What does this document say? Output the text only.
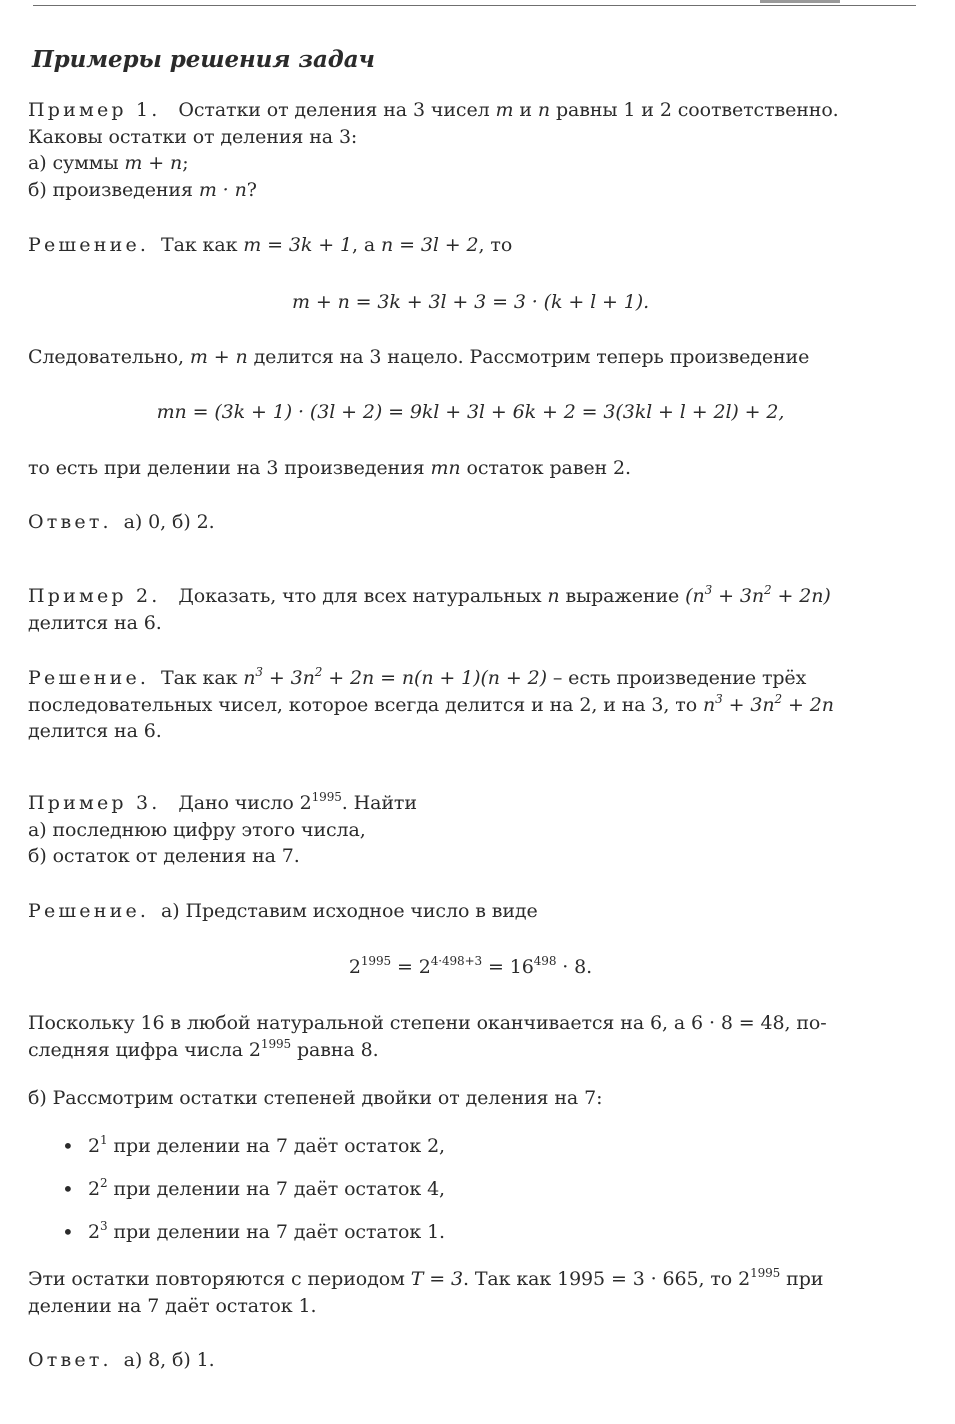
Примеры решения задач
Пример 1. Остатки от деления на 3 чисел m и n равны 1 и 2 соответственно.
Каковы остатки от деления на 3:
а) суммы m + n;
б) произведения m · n?
Решение. Так как m = 3k + 1, а n = 3l + 2, то
m + n = 3k + 3l + 3 = 3 · (k + l + 1).
Следовательно, m + n делится на 3 нацело. Рассмотрим теперь произведение
mn = (3k + 1) · (3l + 2) = 9kl + 3l + 6k + 2 = 3(3kl + l + 2l) + 2,
то есть при делении на 3 произведения mn остаток равен 2.
Ответ. а) 0, б) 2.
Пример 2. Доказать, что для всех натуральных n выражение $(n^3 + 3n^2 + 2n)$
делится на 6.
Решение. Так как $n^3 + 3n^2 + 2n = n(n + 1)(n + 2)$ – есть произведение трёх
последовательных чисел, которое всегда делится и на 2, и на 3, то $n^3 + 3n^2 + 2n$
делится на 6.
Пример 3. Дано число $2^{1995}$. Найти
а) последнюю цифру этого числа,
б) остаток от деления на 7.
Решение. а) Представим исходное число в виде
$2^{1995} = 2^{4\cdot 498+3} = 16^{498} \cdot 8$.
Поскольку 16 в любой натуральной степени оканчивается на 6, а 6 · 8 = 48, по-
следняя цифра числа $2^{1995}$ равна 8.
б) Рассмотрим остатки степеней двойки от деления на 7:
• $2^1$ при делении на 7 даёт остаток 2,
• $2^2$ при делении на 7 даёт остаток 4,
• $2^3$ при делении на 7 даёт остаток 1.
Эти остатки повторяются с периодом T = 3. Так как 1995 = 3 · 665, то $2^{1995}$ при
делении на 7 даёт остаток 1.
Ответ. а) 8, б) 1.
